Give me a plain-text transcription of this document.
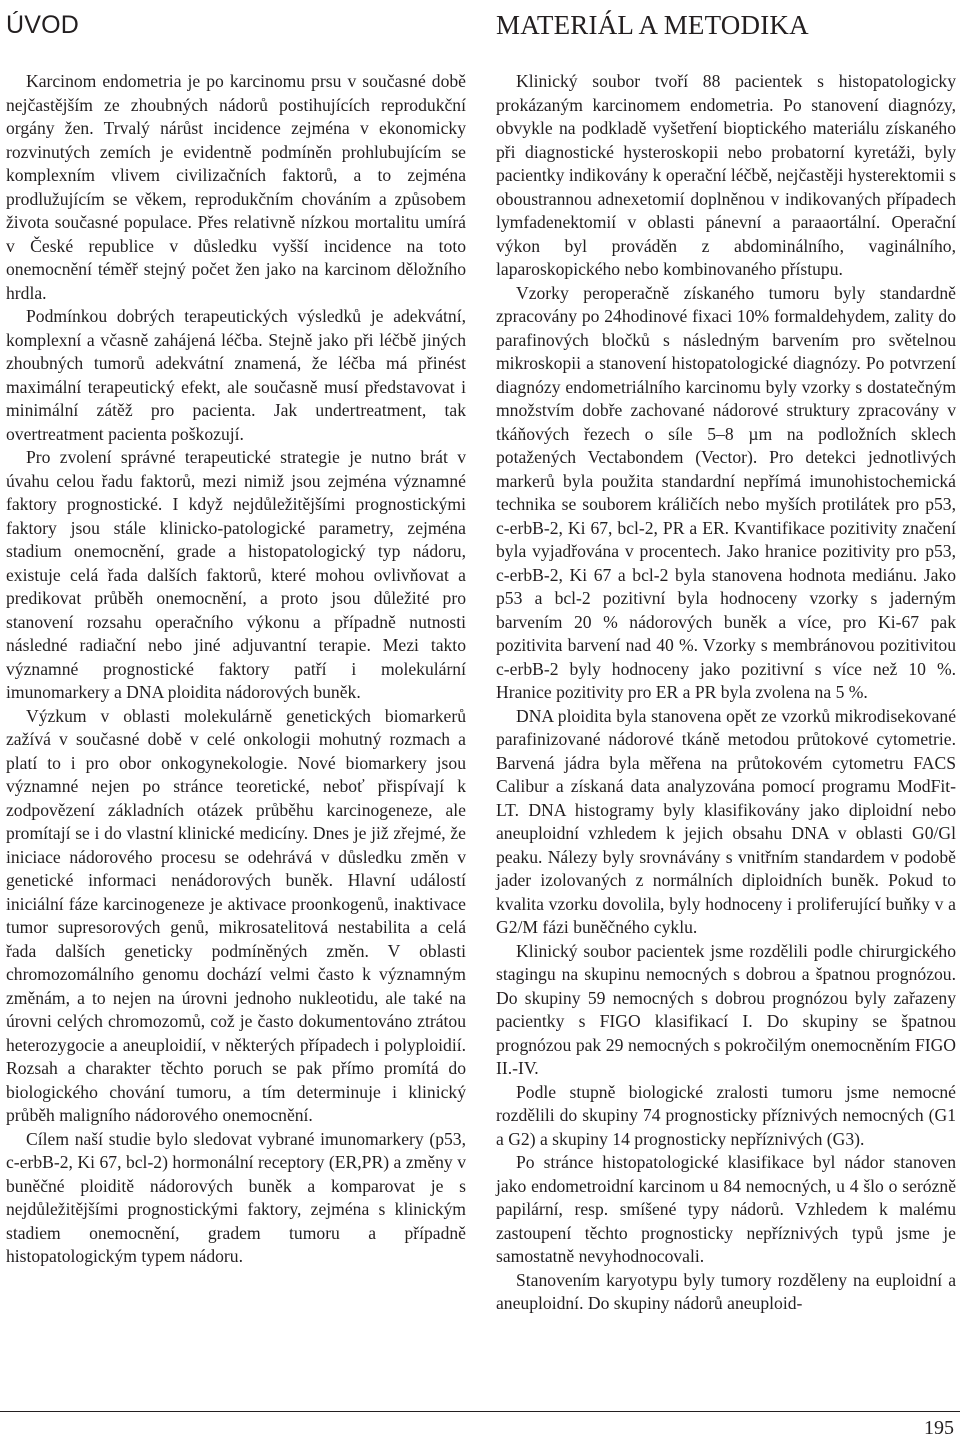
ÚVOD

Karcinom endometria je po karcinomu prsu v současné době nejčastějším ze zhoubných nádorů postihujících reprodukční orgány žen. Trvalý nárůst incidence zejména v ekonomicky rozvinutých zemích je evidentně podmíněn prohlubujícím se komplexním vlivem civilizačních faktorů, a to zejména prodlužujícím se věkem, reprodukčním chováním a způsobem života současné populace. Přes relativně nízkou mortalitu umírá v České republice v důsledku vyšší incidence na toto onemocnění téměř stejný počet žen jako na karcinom děložního hrdla.

Podmínkou dobrých terapeutických výsledků je adekvátní, komplexní a včasně zahájená léčba. Stejně jako při léčbě jiných zhoubných tumorů adekvátní znamená, že léčba má přinést maximální terapeutický efekt, ale současně musí představovat i minimální zátěž pro pacienta. Jak undertreatment, tak overtreatment pacienta poškozují.

Pro zvolení správné terapeutické strategie je nutno brát v úvahu celou řadu faktorů, mezi nimiž jsou zejména významné faktory prognostické. I když nejdůležitějšími prognostickými faktory jsou stále klinicko-patologické parametry, zejména stadium onemocnění, grade a histopatologický typ nádoru, existuje celá řada dalších faktorů, které mohou ovlivňovat a predikovat průběh onemocnění, a proto jsou důležité pro stanovení rozsahu operačního výkonu a případně nutnosti následné radiační nebo jiné adjuvantní terapie. Mezi takto významné prognostické faktory patří i molekulární imunomarkery a DNA ploidita nádorových buněk.

Výzkum v oblasti molekulárně genetických biomarkerů zažívá v současné době v celé onkologii mohutný rozmach a platí to i pro obor onkogynekologie. Nové biomarkery jsou významné nejen po stránce teoretické, neboť přispívají k zodpovězení základních otázek průběhu karcinogeneze, ale promítají se i do vlastní klinické medicíny. Dnes je již zřejmé, že iniciace nádorového procesu se odehrává v důsledku změn v genetické informaci nenádorových buněk. Hlavní událostí iniciální fáze karcinogeneze je aktivace proonkogenů, inaktivace tumor supresorových genů, mikrosatelitová nestabilita a celá řada dalších geneticky podmíněných změn. V oblasti chromozomálního genomu dochází velmi často k významným změnám, a to nejen na úrovni jednoho nukleotidu, ale také na úrovni celých chromozomů, což je často dokumentováno ztrátou heterozygocie a aneuploidií, v některých případech i polyploidií. Rozsah a charakter těchto poruch se pak přímo promítá do biologického chování tumoru, a tím determinuje i klinický průběh maligního nádorového onemocnění.

Cílem naší studie bylo sledovat vybrané imunomarkery (p53, c-erbB-2, Ki 67, bcl-2) hormonální receptory (ER,PR) a změny v buněčné ploiditě nádorových buněk a komparovat je s nejdůležitějšími prognostickými faktory, zejména s klinickým stadiem onemocnění, gradem tumoru a případně histopatologickým typem nádoru.

MATERIÁL A METODIKA

Klinický soubor tvoří 88 pacientek s histopatologicky prokázaným karcinomem endometria. Po stanovení diagnózy, obvykle na podkladě vyšetření bioptického materiálu získaného při diagnostické hysteroskopii nebo probatorní kyretáži, byly pacientky indikovány k operační léčbě, nejčastěji hysterektomii s oboustrannou adnexetomií doplněnou v indikovaných případech lymfadenektomií v oblasti pánevní a paraaortální. Operační výkon byl prováděn z abdominálního, vaginálního, laparoskopického nebo kombinovaného přístupu.

Vzorky peroperačně získaného tumoru byly standardně zpracovány po 24hodinové fixaci 10% formaldehydem, zality do parafinových bločků s následným barvením pro světelnou mikroskopii a stanovení histopatologické diagnózy. Po potvrzení diagnózy endometriálního karcinomu byly vzorky s dostatečným množstvím dobře zachované nádorové struktury zpracovány v tkáňových řezech o síle 5–8 µm na podložních sklech potažených Vectabondem (Vector). Pro detekci jednotlivých markerů byla použita standardní nepřímá imunohistochemická technika se souborem králičích nebo myších protilátek pro p53, c-erbB-2, Ki 67, bcl-2, PR a ER. Kvantifikace pozitivity značení byla vyjadřována v procentech. Jako hranice pozitivity pro p53, c-erbB-2, Ki 67 a bcl-2 byla stanovena hodnota mediánu. Jako p53 a bcl-2 pozitivní byla hodnoceny vzorky s jaderným barvením 20 % nádorových buněk a více, pro Ki-67 pak pozitivita barvení nad 40 %. Vzorky s membránovou pozitivitou c-erbB-2 byly hodnoceny jako pozitivní s více než 10 %. Hranice pozitivity pro ER a PR byla zvolena na 5 %.

DNA ploidita byla stanovena opět ze vzorků mikrodisekované parafinizované nádorové tkáně metodou průtokové cytometrie. Barvená jádra byla měřena na průtokovém cytometru FACS Calibur a získaná data analyzována pomocí programu ModFit-LT. DNA histogramy byly klasifikovány jako diploidní nebo aneuploidní vzhledem k jejich obsahu DNA v oblasti G0/Gl peaku. Nálezy byly srovnávány s vnitřním standardem v podobě jader izolovaných z normálních diploidních buněk. Pokud to kvalita vzorku dovolila, byly hodnoceny i proliferující buňky v a G2/M fázi buněčného cyklu.

Klinický soubor pacientek jsme rozdělili podle chirurgického stagingu na skupinu nemocných s dobrou a špatnou prognózou. Do skupiny 59 nemocných s dobrou prognózou byly zařazeny pacientky s FIGO klasifikací I. Do skupiny se špatnou prognózou pak 29 nemocných s pokročilým onemocněním FIGO II.-IV.

Podle stupně biologické zralosti tumoru jsme nemocné rozdělili do skupiny 74 prognosticky příznivých nemocných (G1 a G2) a skupiny 14 prognosticky nepříznivých (G3).

Po stránce histopatologické klasifikace byl nádor stanoven jako endometroidní karcinom u 84 nemocných, u 4 šlo o serózně papilární, resp. smíšené typy nádorů. Vzhledem k malému zastoupení těchto prognosticky nepříznivých typů jsme je samostatně nevyhodnocovali.

Stanovením karyotypu byly tumory rozděleny na euploidní a aneuploidní. Do skupiny nádorů aneuploid-

195
